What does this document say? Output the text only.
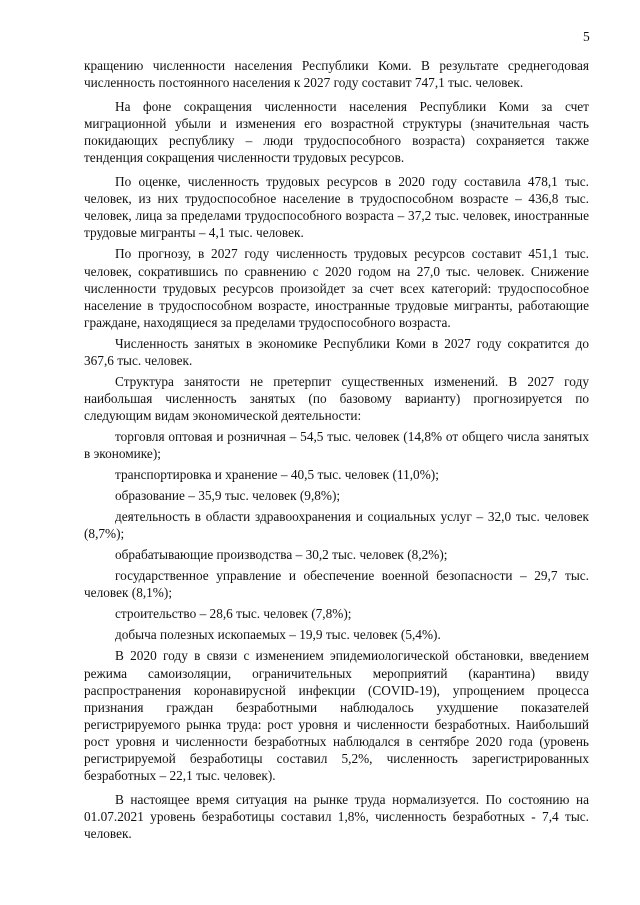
5

кращению численности населения Республики Коми. В результате среднегодовая численность постоянного населения к 2027 году составит 747,1 тыс. человек.

На фоне сокращения численности населения Республики Коми за счет миграционной убыли и изменения его возрастной структуры (значительная часть покидающих республику – люди трудоспособного возраста) сохраняется также тенденция сокращения численности трудовых ресурсов.

По оценке, численность трудовых ресурсов в 2020 году составила 478,1 тыс. человек, из них трудоспособное население в трудоспособном возрасте – 436,8 тыс. человек, лица за пределами трудоспособного возраста – 37,2 тыс. человек, иностранные трудовые мигранты – 4,1 тыс. человек.

По прогнозу, в 2027 году численность трудовых ресурсов составит 451,1 тыс. человек, сократившись по сравнению с 2020 годом на 27,0 тыс. человек. Снижение численности трудовых ресурсов произойдет за счет всех категорий: трудоспособное население в трудоспособном возрасте, иностранные трудовые мигранты, работающие граждане, находящиеся за пределами трудоспособного возраста.

Численность занятых в экономике Республики Коми в 2027 году сократится до 367,6 тыс. человек.

Структура занятости не претерпит существенных изменений. В 2027 году наибольшая численность занятых (по базовому варианту) прогнозируется по следующим видам экономической деятельности:

торговля оптовая и розничная – 54,5 тыс. человек (14,8% от общего числа занятых в экономике);

транспортировка и хранение – 40,5 тыс. человек (11,0%);

образование – 35,9 тыс. человек (9,8%);

деятельность в области здравоохранения и социальных услуг – 32,0 тыс. человек (8,7%);

обрабатывающие производства – 30,2 тыс. человек (8,2%);

государственное управление и обеспечение военной безопасности – 29,7 тыс. человек (8,1%);

строительство – 28,6 тыс. человек (7,8%);

добыча полезных ископаемых – 19,9 тыс. человек (5,4%).

В 2020 году в связи с изменением эпидемиологической обстановки, введением режима самоизоляции, ограничительных мероприятий (карантина) ввиду распространения коронавирусной инфекции (COVID-19), упрощением процесса признания граждан безработными наблюдалось ухудшение показателей регистрируемого рынка труда: рост уровня и численности безработных. Наибольший рост уровня и численности безработных наблюдался в сентябре 2020 года (уровень регистрируемой безработицы составил 5,2%, численность зарегистрированных безработных – 22,1 тыс. человек).

В настоящее время ситуация на рынке труда нормализуется. По состоянию на 01.07.2021 уровень безработицы составил 1,8%, численность безработных - 7,4 тыс. человек.
